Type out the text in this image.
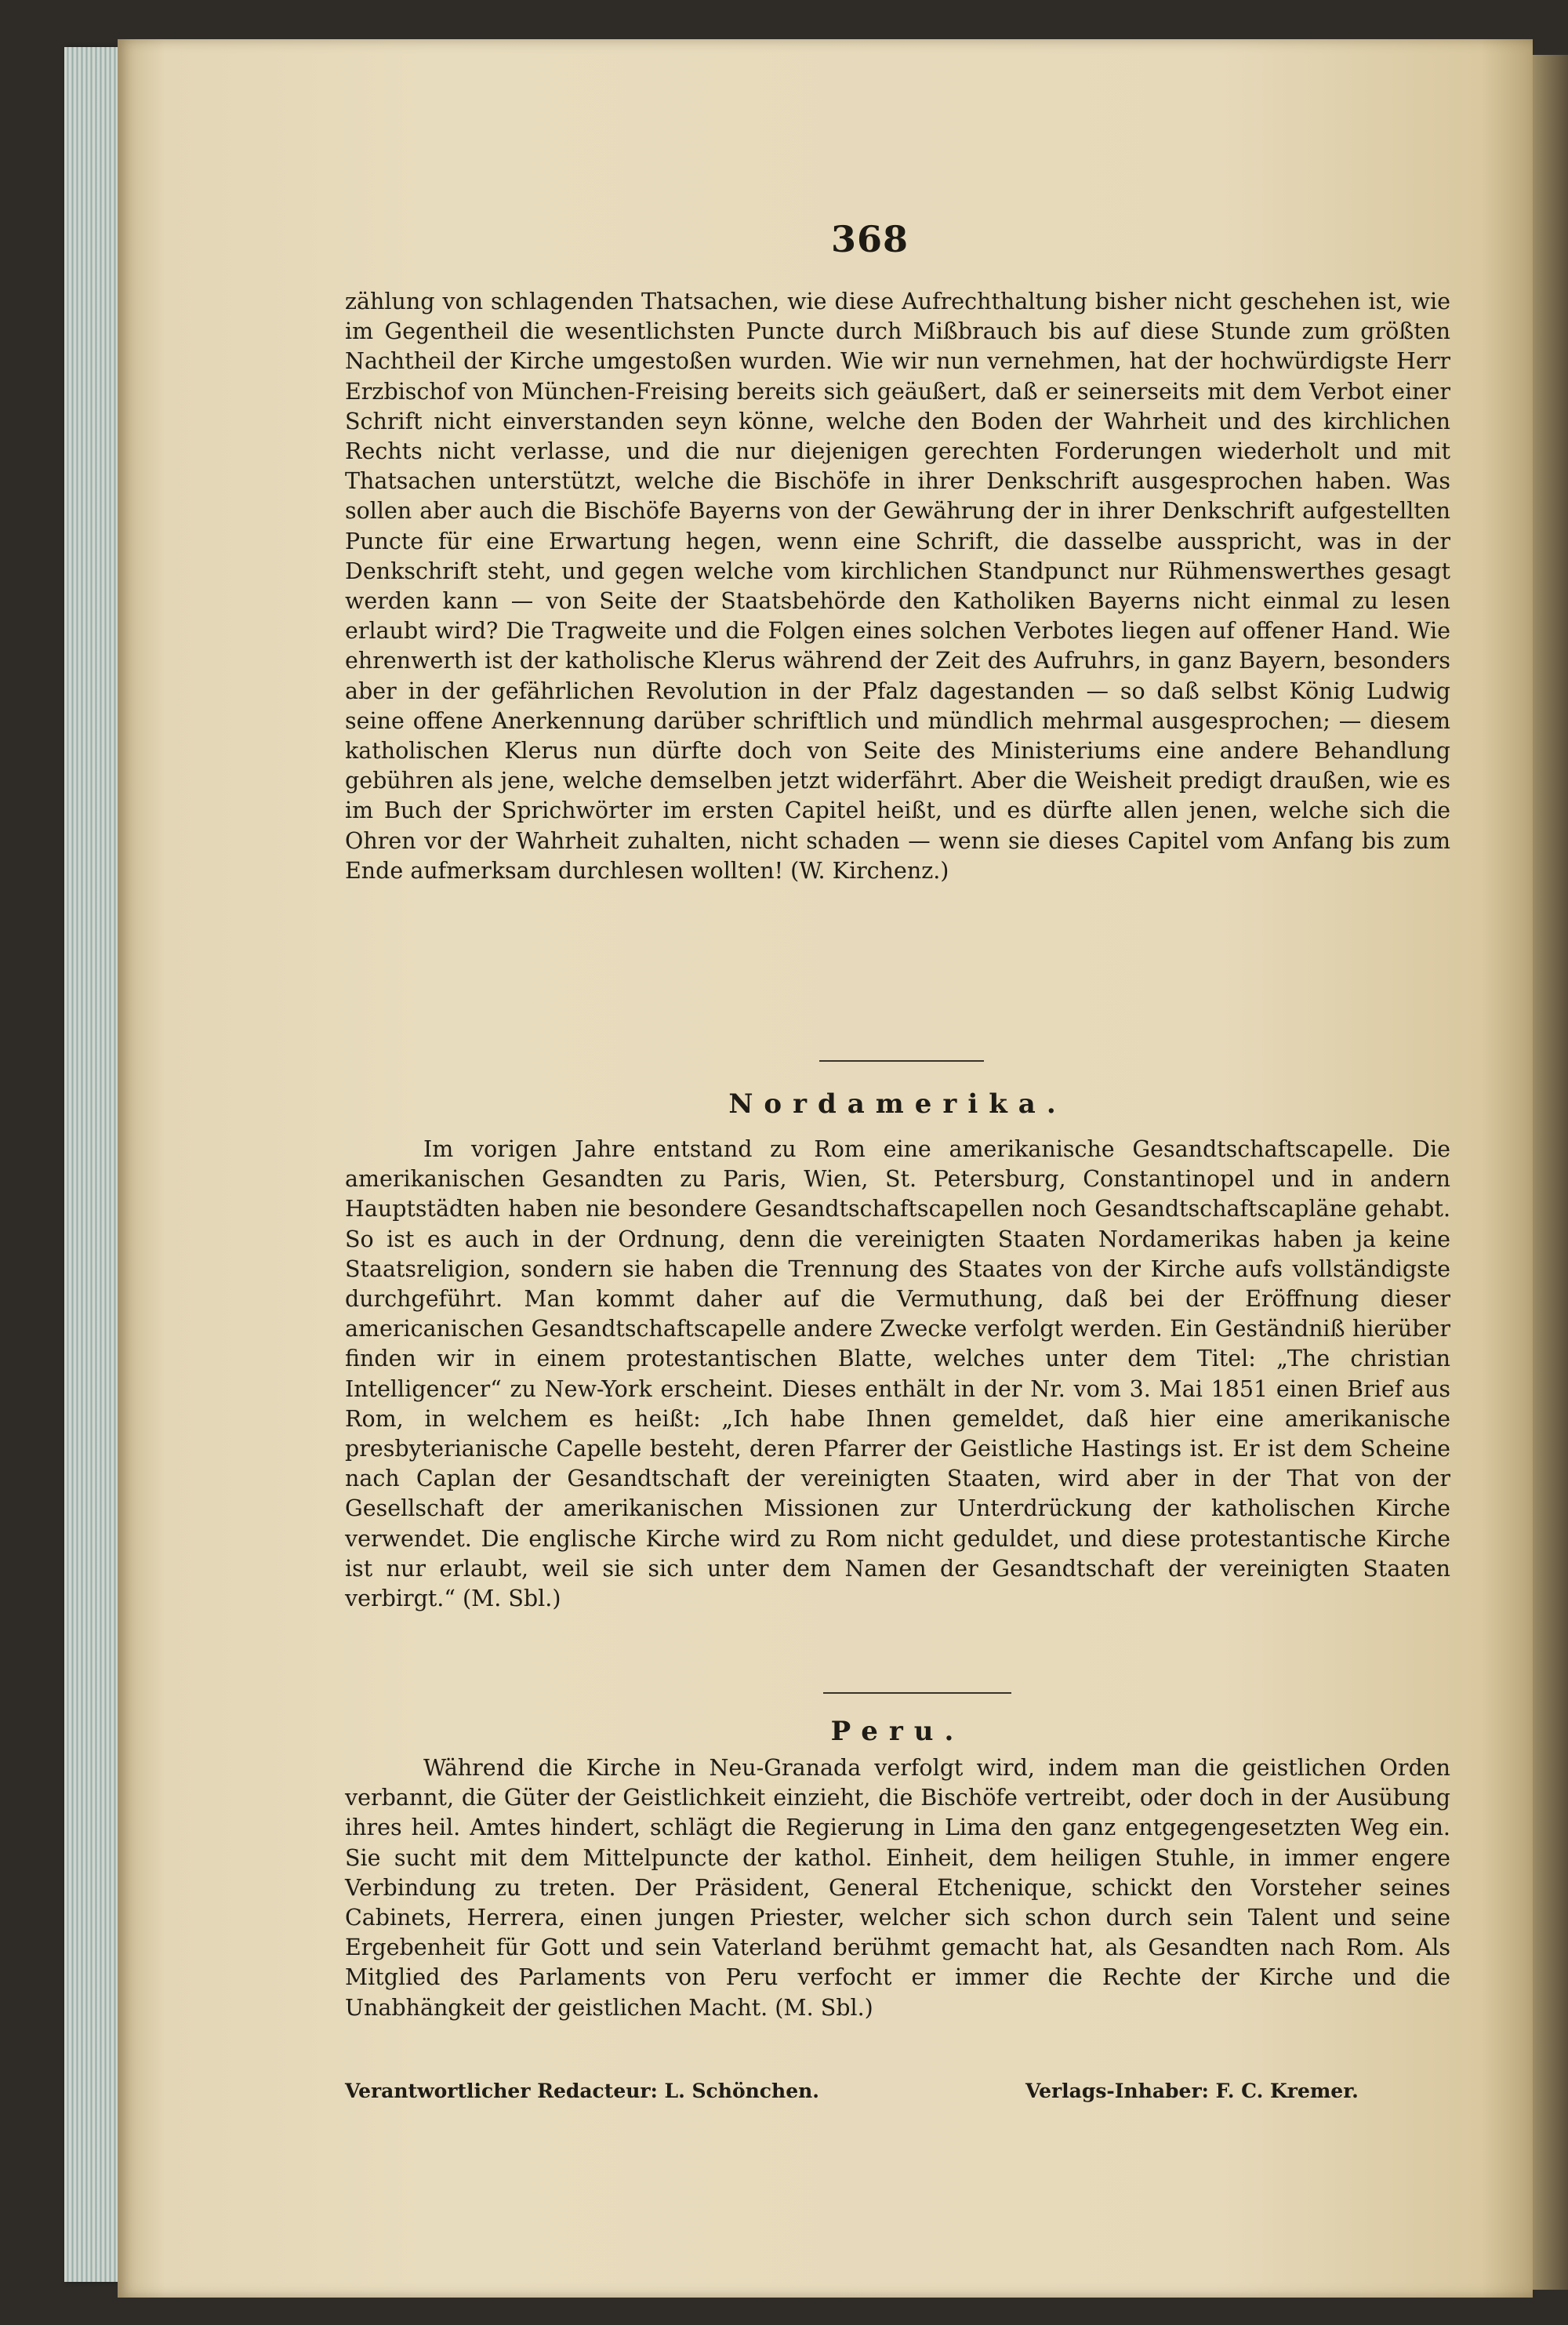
368

zählung von schlagenden Thatsachen, wie diese Aufrechthaltung bisher nicht geschehen ist, wie im Gegentheil die wesentlichsten Puncte durch Mißbrauch bis auf diese Stunde zum größten Nachtheil der Kirche umgestoßen wurden. Wie wir nun vernehmen, hat der hochwürdigste Herr Erzbischof von München-Freising bereits sich geäußert, daß er seinerseits mit dem Verbot einer Schrift nicht einverstanden seyn könne, welche den Boden der Wahrheit und des kirchlichen Rechts nicht verlasse, und die nur diejenigen gerechten Forderungen wiederholt und mit Thatsachen unterstützt, welche die Bischöfe in ihrer Denkschrift ausgesprochen haben. Was sollen aber auch die Bischöfe Bayerns von der Gewährung der in ihrer Denkschrift aufgestellten Puncte für eine Erwartung hegen, wenn eine Schrift, die dasselbe ausspricht, was in der Denkschrift steht, und gegen welche vom kirchlichen Standpunct nur Rühmenswerthes gesagt werden kann — von Seite der Staatsbehörde den Katholiken Bayerns nicht einmal zu lesen erlaubt wird? Die Tragweite und die Folgen eines solchen Verbotes liegen auf offener Hand. Wie ehrenwerth ist der katholische Klerus während der Zeit des Aufruhrs, in ganz Bayern, besonders aber in der gefährlichen Revolution in der Pfalz dagestanden — so daß selbst König Ludwig seine offene Anerkennung darüber schriftlich und mündlich mehrmal ausgesprochen; — diesem katholischen Klerus nun dürfte doch von Seite des Ministeriums eine andere Behandlung gebühren als jene, welche demselben jetzt widerfährt. Aber die Weisheit predigt draußen, wie es im Buch der Sprichwörter im ersten Capitel heißt, und es dürfte allen jenen, welche sich die Ohren vor der Wahrheit zuhalten, nicht schaden — wenn sie dieses Capitel vom Anfang bis zum Ende aufmerksam durchlesen wollten! (W. Kirchenz.)

Nordamerika.

Im vorigen Jahre entstand zu Rom eine amerikanische Gesandtschaftscapelle. Die amerikanischen Gesandten zu Paris, Wien, St. Petersburg, Constantinopel und in andern Hauptstädten haben nie besondere Gesandtschaftscapellen noch Gesandtschaftscapläne gehabt. So ist es auch in der Ordnung, denn die vereinigten Staaten Nordamerikas haben ja keine Staatsreligion, sondern sie haben die Trennung des Staates von der Kirche aufs vollständigste durchgeführt. Man kommt daher auf die Vermuthung, daß bei der Eröffnung dieser americanischen Gesandtschaftscapelle andere Zwecke verfolgt werden. Ein Geständniß hierüber finden wir in einem protestantischen Blatte, welches unter dem Titel: „The christian Intelligencer“ zu New-York erscheint. Dieses enthält in der Nr. vom 3. Mai 1851 einen Brief aus Rom, in welchem es heißt: „Ich habe Ihnen gemeldet, daß hier eine amerikanische presbyterianische Capelle besteht, deren Pfarrer der Geistliche Hastings ist. Er ist dem Scheine nach Caplan der Gesandtschaft der vereinigten Staaten, wird aber in der That von der Gesellschaft der amerikanischen Missionen zur Unterdrückung der katholischen Kirche verwendet. Die englische Kirche wird zu Rom nicht geduldet, und diese protestantische Kirche ist nur erlaubt, weil sie sich unter dem Namen der Gesandtschaft der vereinigten Staaten verbirgt.“ (M. Sbl.)

Peru.

Während die Kirche in Neu-Granada verfolgt wird, indem man die geistlichen Orden verbannt, die Güter der Geistlichkeit einzieht, die Bischöfe vertreibt, oder doch in der Ausübung ihres heil. Amtes hindert, schlägt die Regierung in Lima den ganz entgegengesetzten Weg ein. Sie sucht mit dem Mittelpuncte der kathol. Einheit, dem heiligen Stuhle, in immer engere Verbindung zu treten. Der Präsident, General Etchenique, schickt den Vorsteher seines Cabinets, Herrera, einen jungen Priester, welcher sich schon durch sein Talent und seine Ergebenheit für Gott und sein Vaterland berühmt gemacht hat, als Gesandten nach Rom. Als Mitglied des Parlaments von Peru verfocht er immer die Rechte der Kirche und die Unabhängkeit der geistlichen Macht. (M. Sbl.)

Verantwortlicher Redacteur: L. Schönchen.	Verlags-Inhaber: F. C. Kremer.
